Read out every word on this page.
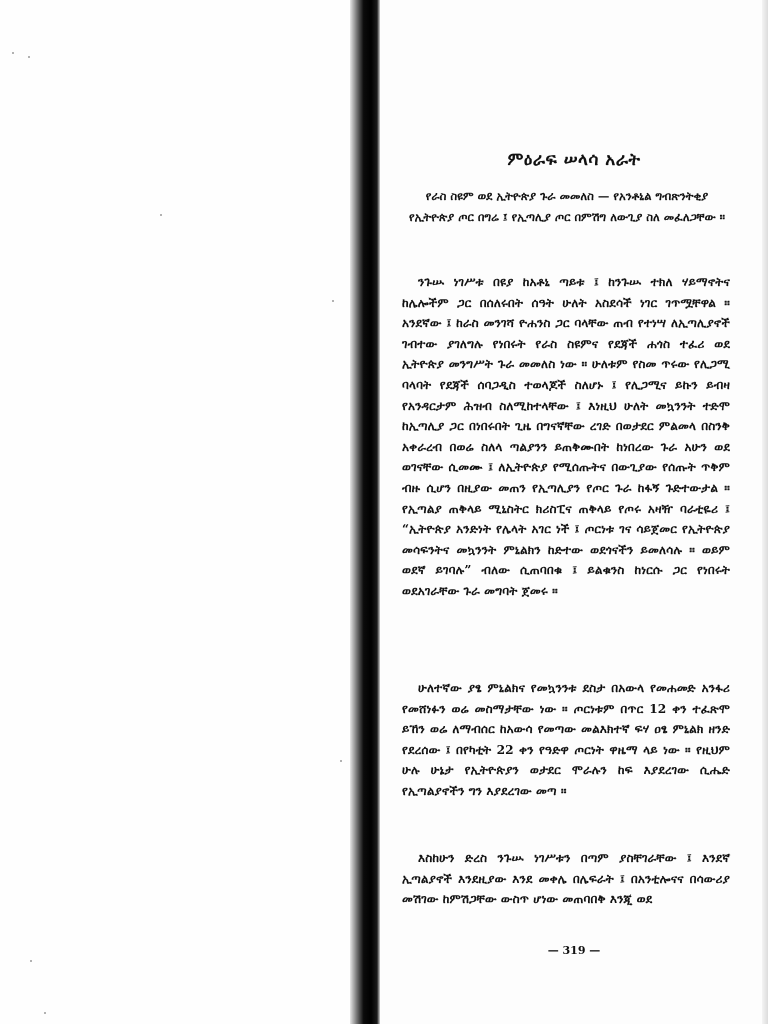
ምዕራፍ ሠላሳ አራት
የራስ ስዩም ወደ ኢትዮጵያ ጉራ መመለስ — የአንቶኒል ግብጽንትቂያ የኢትዮጵያ ጦር በግሬ ፤ የኢጣሊያ ጦር በምሽግ ለውጊያ ስለ መፈለጋቸው ።

ንጉሡ ነገሥቱ በዩያ ከአቶኒ ጣይቱ ፤ ከንጉሡ ተክለ ሃይማኖትና ከሌሎችም ጋር በሰለሩበት ሰዓት ሁለት አስደሳች ነገር ገጥሟቸዋል ። አንደኛው ፤ ከራስ መንገሻ ዮሐንስ ጋር ባላቸው ጠብ የተነሣ ለኢጣሊያኖች ገብተው ያገለግሉ የነበሩት የራስ ስዩምና የደጃች ሐጎስ ተፈሪ ወደ ኢትዮጵያ መንግሥት ጉራ መመለስ ነው ። ሁለቱም የስመ ጥሩው የሊጋሚ ባላባት የደጃች ሰባጋዲስ ተወላጆች ስለሆኑ ፤ የሊጋሚና ይኩን ይብዛ የአንዳርታም ሕዝብ ስለሚከተላቸው ፤ እነዚህ ሁለት መኳንንት ተድሞ ከኢጣሊያ ጋር በነበሩበት ጊዜ በግናኛቸው ረገድ በወታደር ምልመላ በስንቅ አቀራረብ በወሬ ስለላ ጣልያንን ይጠቅሙበት ከነበረው ጉራ አሁን ወደ ወገናቸው ሲመሙ ፤ ለኢትዮጵያ የሚሰጡትና በውጊያው የሰጡት ጥቅም ብዙ ሲሆን በዚያው መጠን የኢጣሊያን የጦር ጉራ ከፋኝ ጉድተውታል ። የኢጣልያ ጠቅላይ ሚኒስትር ክሪስፒና ጠቅላይ የጦሩ አዛዥ ባራቲዬሪ ፤ “ኢትዮጵያ አንድነት የሌላት አገር ነች ፤ ጦርነቱ ገና ሳይጀመር የኢትዮጵያ መሳፍንትና መኳንንት ምኒልክን ከድተው ወደጎናችን ይመለሳሉ ። ወይም ወደኛ ይገባሉ” ብለው ሲጠባበቁ ፤ ይልቁንስ ከነርሱ ጋር የነበሩት ወደአገራቸው ጉራ መግባት ጀመሩ ።

ሁለተኛው ያፄ ምኒልክና የመኳንንቱ ደስታ በአውላ የመሐመድ አንፋሪ የመሸነፉን ወሬ መስማታቸው ነው ። ጦርነቱም በጥር 12 ቀን ተፈጽሞ ይኸን ወሬ ለማብሰር ከአውሳ የመጣው መልእክተኛ ፍሃ ዐፄ ምኒልክ ዘንድ የደረሰው ፤ በየካቲት 22 ቀን የዓድዋ ጦርነት ዋዜማ ላይ ነው ። የዚህም ሁሉ ሁኔታ የኢትዮጵያን ወታደር ሞራሉን ከፍ እያደረገው ሲሔድ የኢጣልያኖችን ግን እያደረገው መጣ ።

እስከሁን ድረስ ንጉሡ ነገሥቱን በጣም ያስቸገራቸው ፤ እንደኛ ኢጣልያኖች እንደዚያው እንደ መቀሌ በሌፍራት ፤ በአንቲሎናና በሳውሪያ መሽገው ከምሽጋቸው ውስጥ ሆነው መጠባበቅ እንጂ ወደ

— 319 —
